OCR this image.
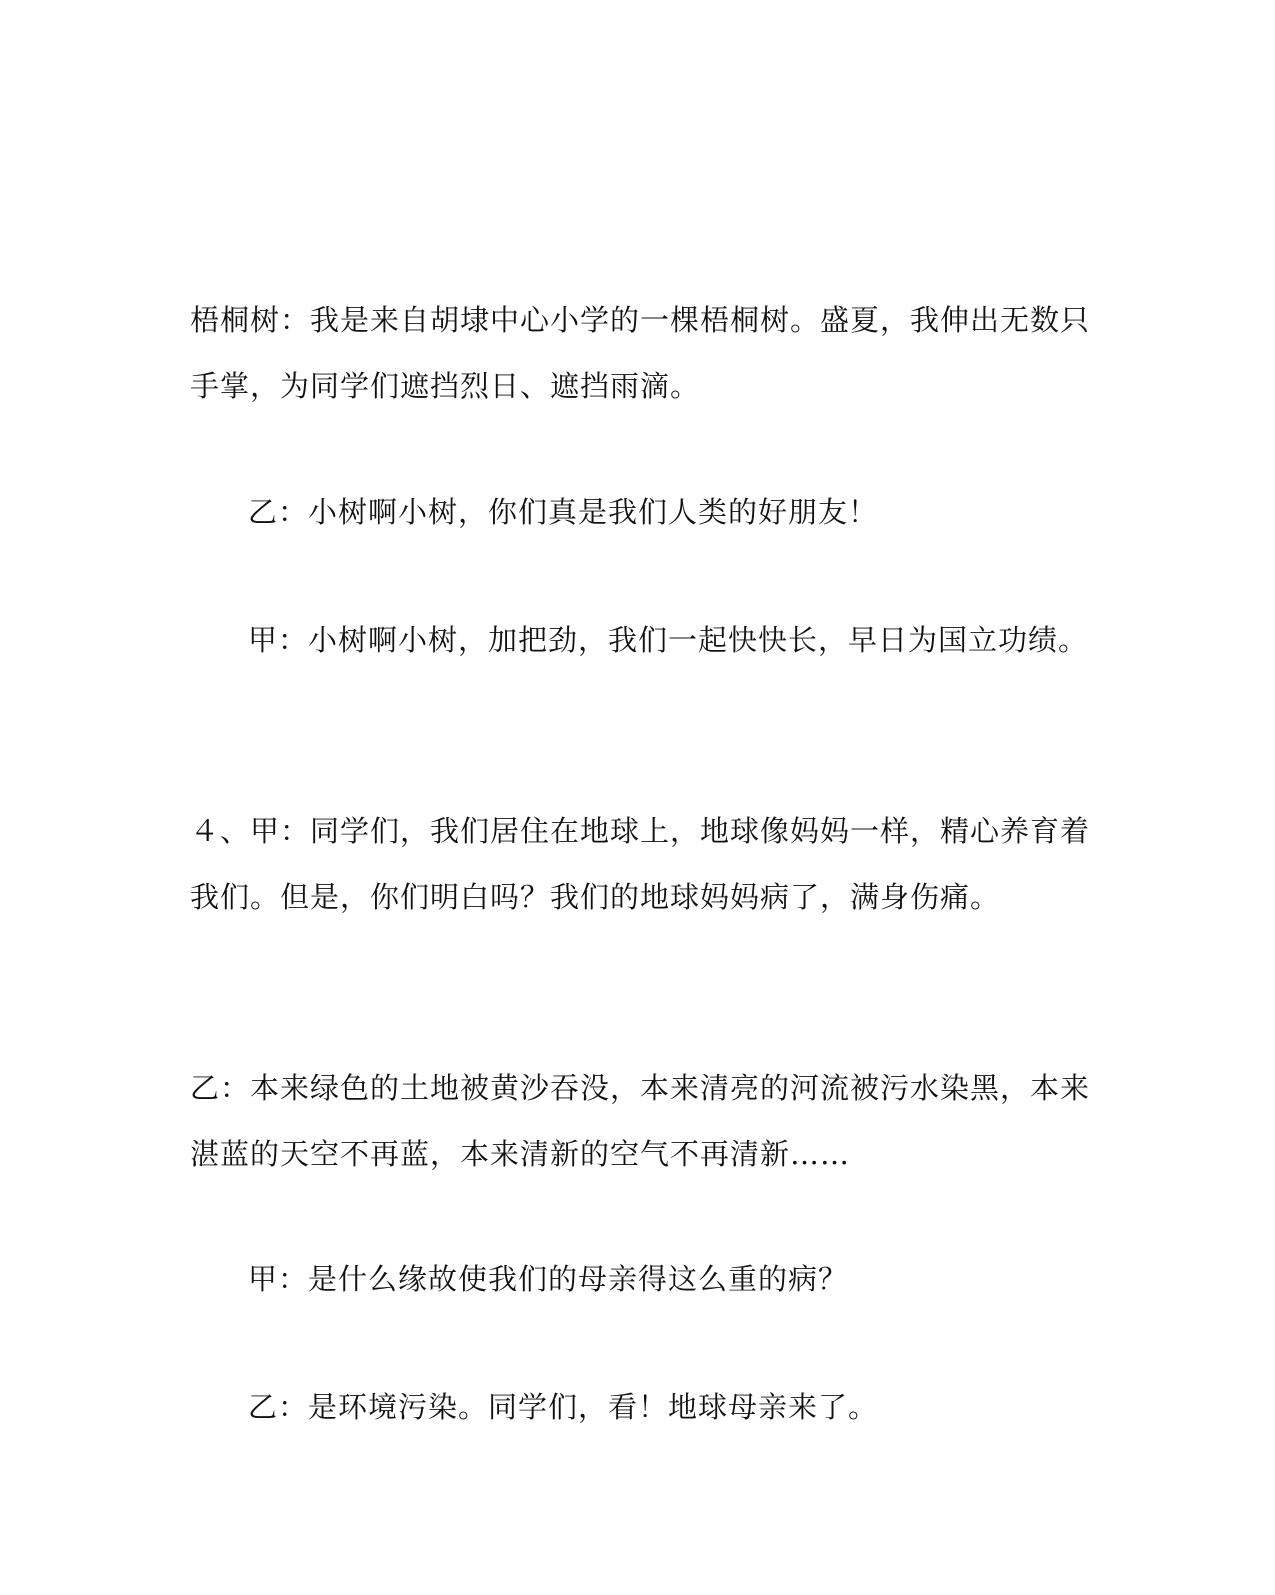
梧桐树：我是来自胡埭中心小学的一棵梧桐树。盛夏，我伸出无数只
手掌，为同学们遮挡烈日、遮挡雨滴。

乙：小树啊小树，你们真是我们人类的好朋友！

甲：小树啊小树，加把劲，我们一起快快长，早日为国立功绩。

４、甲：同学们，我们居住在地球上，地球像妈妈一样，精心养育着
我们。但是，你们明白吗？我们的地球妈妈病了，满身伤痛。

乙：本来绿色的土地被黄沙吞没，本来清亮的河流被污水染黑，本来
湛蓝的天空不再蓝，本来清新的空气不再清新……

甲：是什么缘故使我们的母亲得这么重的病？

乙：是环境污染。同学们，看！地球母亲来了。
